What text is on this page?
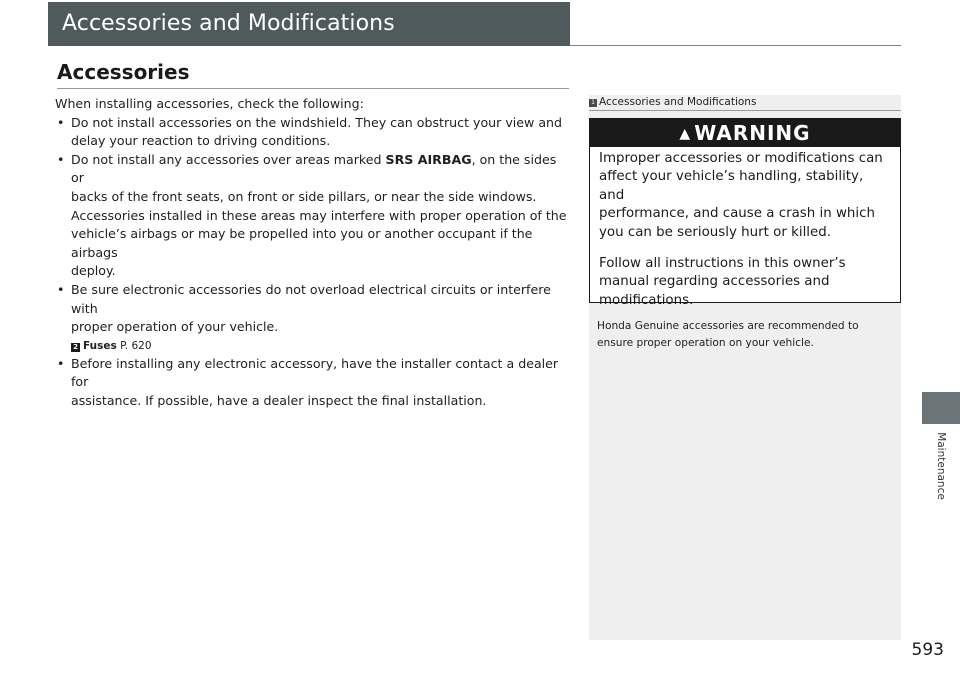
Accessories and Modifications
Accessories

When installing accessories, check the following:

• Do not install accessories on the windshield. They can obstruct your view and

delay your reaction to driving conditions.

• Do not install any accessories over areas marked SRS AIRBAG, on the sides or

backs of the front seats, on front or side pillars, or near the side windows.

Accessories installed in these areas may interfere with proper operation of the

vehicle’s airbags or may be propelled into you or another occupant if the airbags

deploy.

• Be sure electronic accessories do not overload electrical circuits or interfere with

proper operation of your vehicle.

2 Fuses P. 620
• Before installing any electronic accessory, have the installer contact a dealer for

assistance. If possible, have a dealer inspect the final installation.

1 Accessories and Modifications
▲ WARNING

Improper accessories or modifications can
affect your vehicle’s handling, stability, and
performance, and cause a crash in which
you can be seriously hurt or killed.

Follow all instructions in this owner’s
manual regarding accessories and
modifications.

Honda Genuine accessories are recommended to
ensure proper operation on your vehicle.
Maintenance
593
